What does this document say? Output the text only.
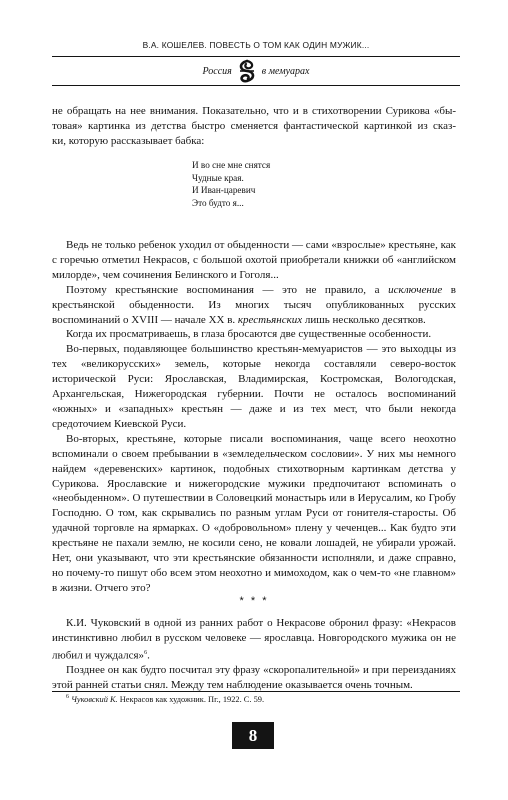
В.А. КОШЕЛЕВ. ПОВЕСТЬ О ТОМ КАК ОДИН МУЖИК...
Россия	в мемуарах

не обращать на нее внимания. Показательно, что и в стихотворении Сурикова «бы-

товая» картинка из детства быстро сменяется фантастической картинкой из сказ-

ки, которую рассказывает бабка:

И во сне мне снятся
Чудные края.
И Иван-царевич
Это будто я...

Ведь не только ребенок уходил от обыденности — сами «взрослые» крестьяне, как с горечью отметил Некрасов, с большой охотой приобретали книжки об «английском милорде», чем сочинения Белинского и Гоголя...

Поэтому крестьянские воспоминания — это не правило, а исключение в крестьянской обыденности. Из многих тысяч опубликованных русских воспоминаний о XVIII — начале XX в. крестьянских лишь несколько десятков.

Когда их просматриваешь, в глаза бросаются две существенные особенности.

Во-первых, подавляющее большинство крестьян-мемуаристов — это выходцы из тех «великорусских» земель, которые некогда составляли северо-восток исторической Руси: Ярославская, Владимирская, Костромская, Вологодская, Архангельская, Нижегородская губернии. Почти не осталось воспоминаний «южных» и «западных» крестьян — даже и из тех мест, что были некогда средоточием Киевской Руси.

Во-вторых, крестьяне, которые писали воспоминания, чаще всего неохотно вспоминали о своем пребывании в «земледельческом сословии». У них мы немного найдем «деревенских» картинок, подобных стихотворным картинкам детства у Сурикова. Ярославские и нижегородские мужики предпочитают вспоминать о «необыденном». О путешествии в Соловецкий монастырь или в Иерусалим, ко Гробу Господню. О том, как скрывались по разным углам Руси от гонителя-старосты. Об удачной торговле на ярмарках. О «добровольном» плену у чеченцев... Как будто эти крестьяне не пахали землю, не косили сено, не ковали лошадей, не убирали урожай. Нет, они указывают, что эти крестьянские обязанности исполняли, и даже справно, но почему-то пишут обо всем этом неохотно и мимоходом, как о чем-то «не главном» в жизни. Отчего это?

* * *

К.И. Чуковский в одной из ранних работ о Некрасове обронил фразу: «Некрасов инстинктивно любил в русском человеке — ярославца. Новгородского мужика он не любил и чуждался»$^6$.

Позднее он как будто посчитал эту фразу «скоропалительной» и при переизданиях этой ранней статьи снял. Между тем наблюдение оказывается очень точным.

$^6$ Чуковский К. Некрасов как художник. Пг., 1922. С. 59.
8
